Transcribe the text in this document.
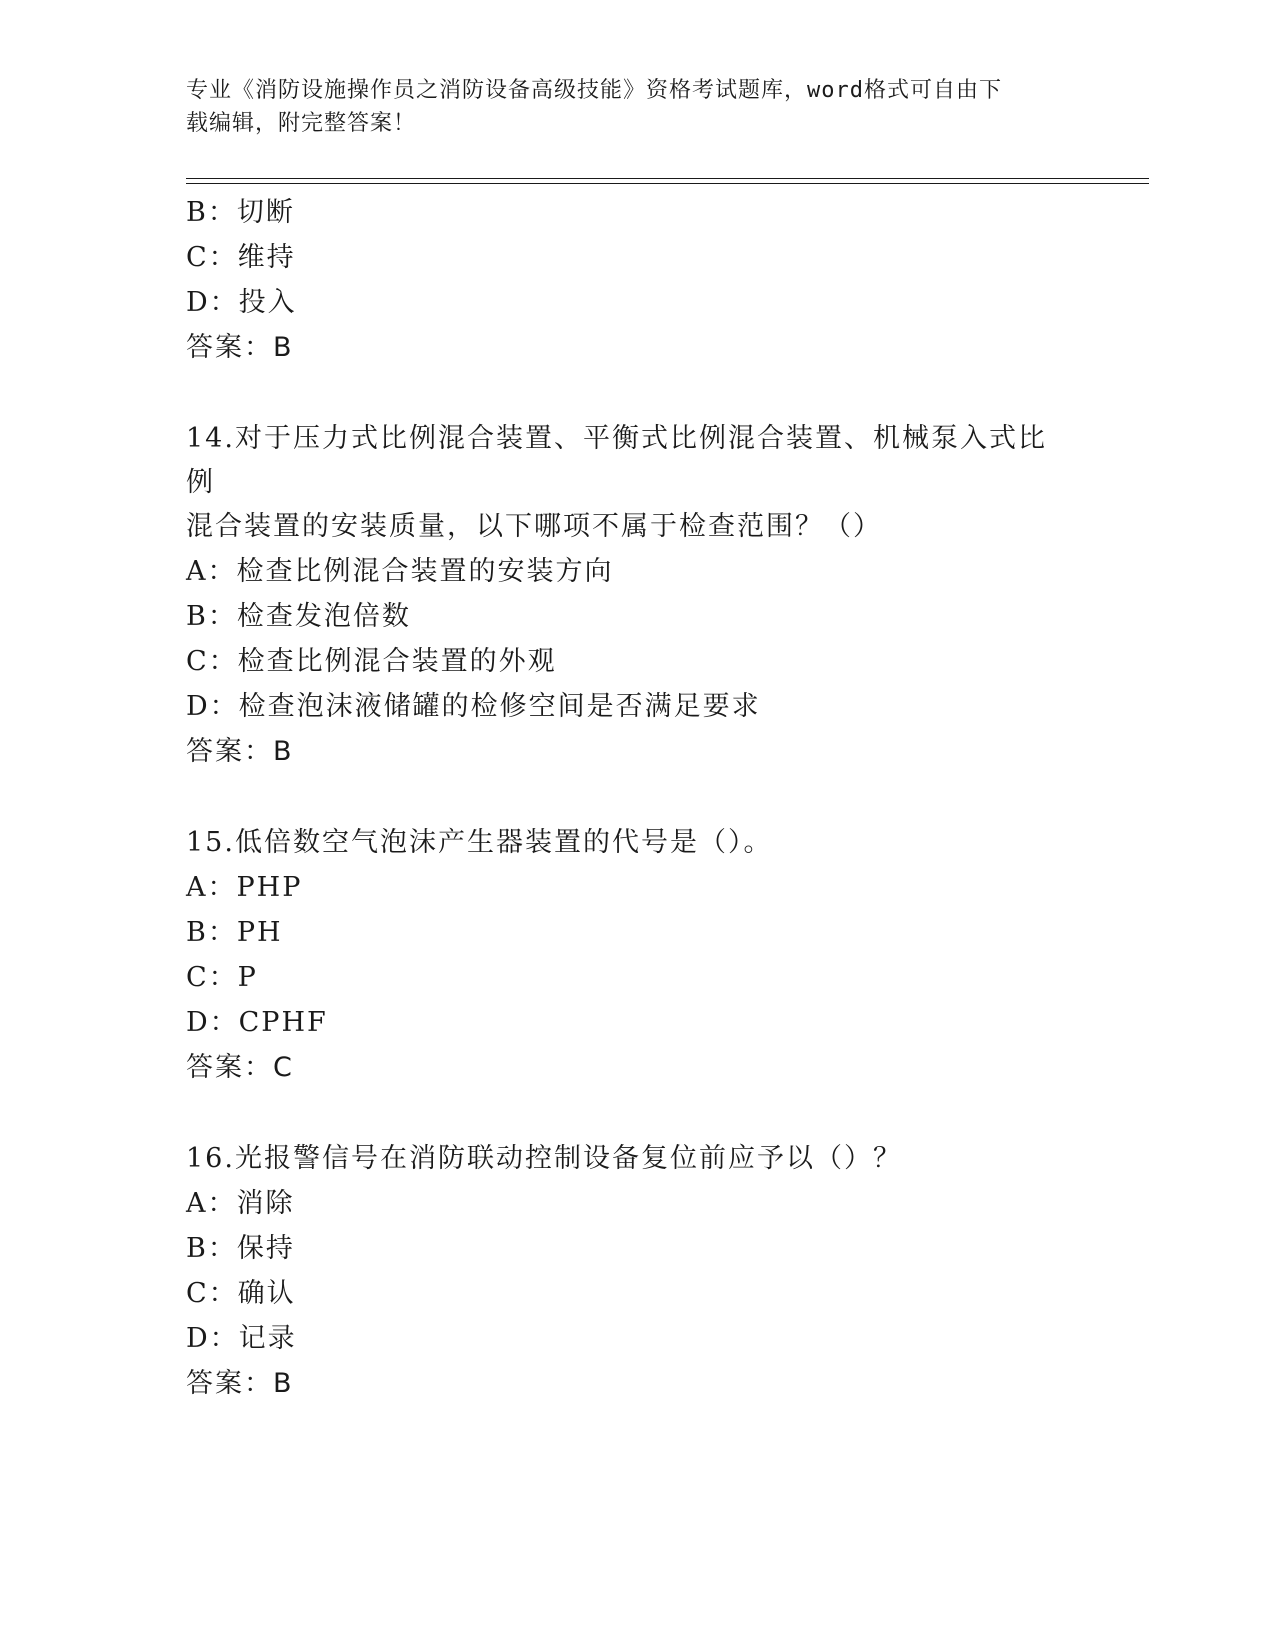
专业《消防设施操作员之消防设备高级技能》资格考试题库，word格式可自由下

载编辑，附完整答案！

B：切断
C：维持
D：投入
答案：B
14.对于压力式比例混合装置、平衡式比例混合装置、机械泵入式比例
混合装置的安装质量，以下哪项不属于检查范围？（）
A：检查比例混合装置的安装方向
B：检查发泡倍数
C：检查比例混合装置的外观
D：检查泡沫液储罐的检修空间是否满足要求
答案：B
15.低倍数空气泡沫产生器装置的代号是（）。
A：PHP
B：PH
C：P
D：CPHF
答案：C
16.光报警信号在消防联动控制设备复位前应予以（）？
A：消除
B：保持
C：确认
D：记录
答案：B
